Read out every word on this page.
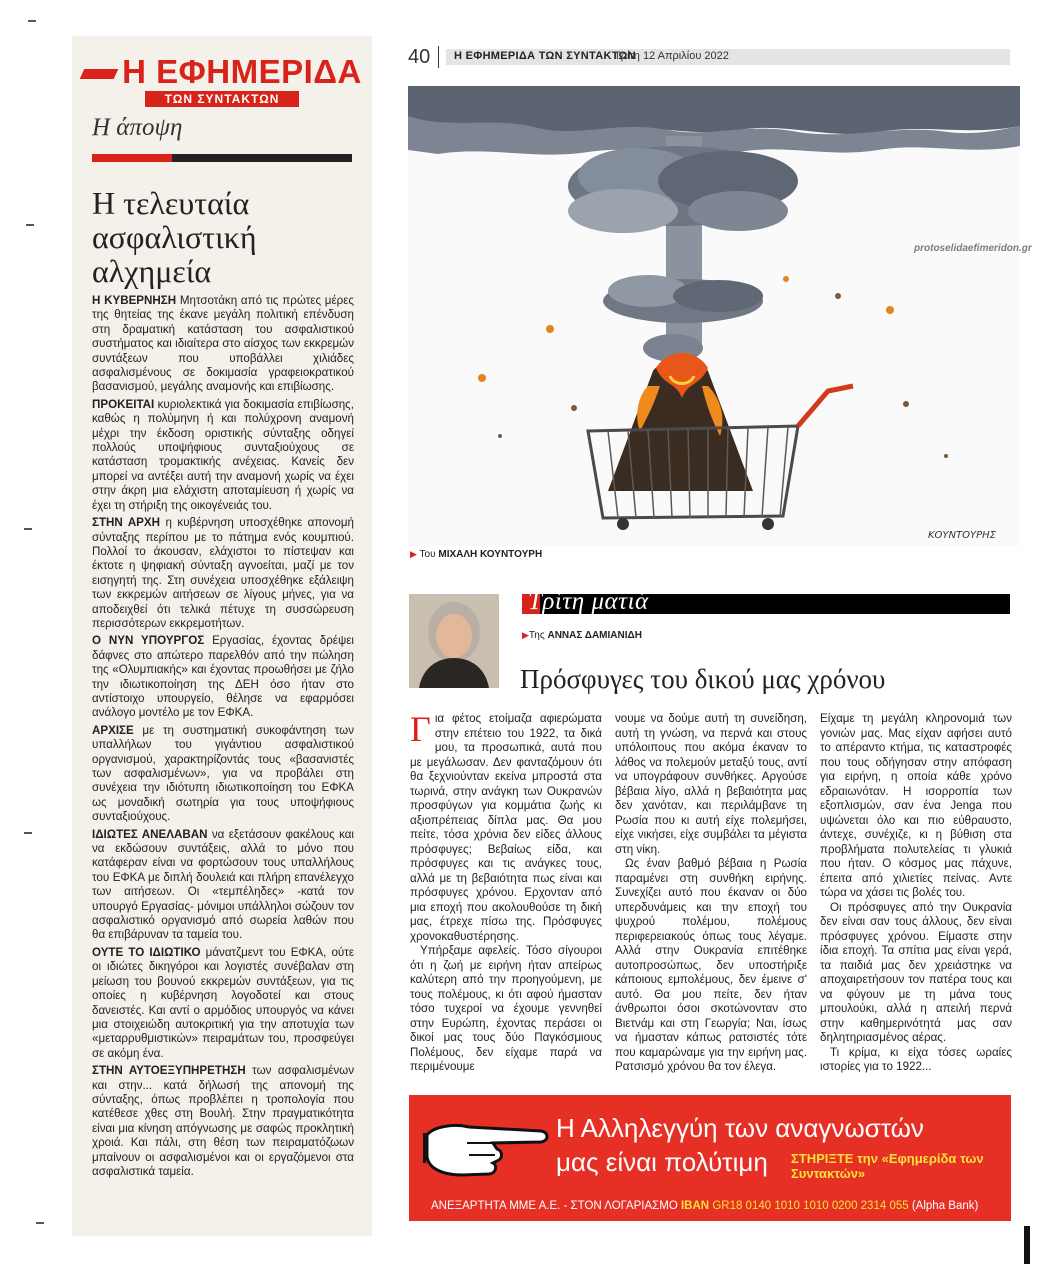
Η ΕΦΗΜΕΡΙΔΑ
ΤΩΝ ΣΥΝΤΑΚΤΩΝ
Η άποψη
Η τελευταία ασφαλιστική αλχημεία

Η ΚΥΒΕΡΝΗΣΗ Μητσοτάκη από τις πρώτες μέρες της θητείας της έκανε μεγάλη πολιτική επένδυση στη δραματική κατάσταση του ασφαλιστικού συστήματος και ιδιαίτερα στο αίσχος των εκκρεμών συντάξεων που υποβάλλει χιλιάδες ασφαλισμένους σε δοκιμασία γραφειοκρατικού βασανισμού, μεγάλης αναμονής και επιβίωσης.

ΠΡΟΚΕΙΤΑΙ κυριολεκτικά για δοκιμασία επιβίωσης, καθώς η πολύμηνη ή και πολύχρονη αναμονή μέχρι την έκδοση οριστικής σύνταξης οδηγεί πολλούς υποψήφιους συνταξιούχους σε κατάσταση τρομακτικής ανέχειας. Κανείς δεν μπορεί να αντέξει αυτή την αναμονή χωρίς να έχει στην άκρη μια ελάχιστη αποταμίευση ή χωρίς να έχει τη στήριξη της οικογένειάς του.

ΣΤΗΝ ΑΡΧΗ η κυβέρνηση υποσχέθηκε απονομή σύνταξης περίπου με το πάτημα ενός κουμπιού. Πολλοί το άκουσαν, ελάχιστοι το πίστεψαν και έκτοτε η ψηφιακή σύνταξη αγνοείται, μαζί με τον εισηγητή της. Στη συνέχεια υποσχέθηκε εξάλειψη των εκκρεμών αιτήσεων σε λίγους μήνες, για να αποδειχθεί ότι τελικά πέτυχε τη συσσώρευση περισσότερων εκκρεμοτήτων.

Ο ΝΥΝ ΥΠΟΥΡΓΟΣ Εργασίας, έχοντας δρέψει δάφνες στο απώτερο παρελθόν από την πώληση της «Ολυμπιακής» και έχοντας προωθήσει με ζήλο την ιδιωτικοποίηση της ΔΕΗ όσο ήταν στο αντίστοιχο υπουργείο, θέλησε να εφαρμόσει ανάλογο μοντέλο με τον ΕΦΚΑ.

ΑΡΧΙΣΕ με τη συστηματική συκοφάντηση των υπαλλήλων του γιγάντιου ασφαλιστικού οργανισμού, χαρακτηρίζοντάς τους «βασανιστές των ασφαλισμένων», για να προβάλει στη συνέχεια την ιδιότυπη ιδιωτικοποίηση του ΕΦΚΑ ως μοναδική σωτηρία για τους υποψήφιους συνταξιούχους.

ΙΔΙΩΤΕΣ ΑΝΕΛΑΒΑΝ να εξετάσουν φακέλους και να εκδώσουν συντάξεις, αλλά το μόνο που κατάφεραν είναι να φορτώσουν τους υπαλλήλους του ΕΦΚΑ με διπλή δουλειά και πλήρη επανέλεγχο των αιτήσεων. Οι «τεμπέληδες» -κατά τον υπουργό Εργασίας- μόνιμοι υπάλληλοι σώζουν τον ασφαλιστικό οργανισμό από σωρεία λαθών που θα επιβάρυναν τα ταμεία του.

ΟΥΤΕ ΤΟ ΙΔΙΩΤΙΚΟ μάνατζμεντ του ΕΦΚΑ, ούτε οι ιδιώτες δικηγόροι και λογιστές συνέβαλαν στη μείωση του βουνού εκκρεμών συντάξεων, για τις οποίες η κυβέρνηση λογοδοτεί και στους δανειστές. Και αντί ο αρμόδιος υπουργός να κάνει μια στοιχειώδη αυτοκριτική για την αποτυχία των «μεταρρυθμιστικών» πειραμάτων του, προσφεύγει σε ακόμη ένα.

ΣΤΗΝ ΑΥΤΟΕΞΥΠΗΡΕΤΗΣΗ των ασφαλισμένων και στην... κατά δήλωσή της απονομή της σύνταξης, όπως προβλέπει η τροπολογία που κατέθεσε χθες στη Βουλή. Στην πραγματικότητα είναι μια κίνηση απόγνωσης με σαφώς προκλητική χροιά. Και πάλι, στη θέση των πειραματόζωων μπαίνουν οι ασφαλισμένοι και οι εργαζόμενοι στα ασφαλιστικά ταμεία.

40 Η ΕΦΗΜΕΡΙΔΑ ΤΩΝ ΣΥΝΤΑΚΤΩΝ
Τρίτη 12 Απριλίου 2022
ΚΟΥΝΤΟΥΡΗΣ
▶ Του ΜΙΧΑΛΗ ΚΟΥΝΤΟΥΡΗ
protoselidaefimeridon.gr
Τρίτη ματιά
▶Της ΑΝΝΑΣ ΔΑΜΙΑΝΙΔΗ
Πρόσφυγες του δικού μας χρόνου

Για φέτος ετοίμαζα αφιερώματα στην επέτειο του 1922, τα δικά μου, τα προσωπικά, αυτά που με μεγάλωσαν. Δεν φανταζόμουν ότι θα ξεχνιούνταν εκείνα μπροστά στα τωρινά, στην ανάγκη των Ουκρανών προσφύγων για κομμάτια ζωής κι αξιοπρέπειας δίπλα μας. Θα μου πείτε, τόσα χρόνια δεν είδες άλλους πρόσφυγες; Βεβαίως είδα, και πρόσφυγες και τις ανάγκες τους, αλλά με τη βεβαιότητα πως είναι και πρόσφυγες χρόνου. Ερχονταν από μια εποχή που ακολουθούσε τη δική μας, έτρεχε πίσω της. Πρόσφυγες χρονοκαθυστέρησης.

Υπήρξαμε αφελείς. Τόσο σίγουροι ότι η ζωή με ειρήνη ήταν απείρως καλύτερη από την προηγούμενη, με τους πολέμους, κι ότι αφού ήμασταν τόσο τυχεροί να έχουμε γεννηθεί στην Ευρώπη, έχοντας περάσει οι δικοί μας τους δύο Παγκόσμιους Πολέμους, δεν είχαμε παρά να περιμένουμε

νουμε να δούμε αυτή τη συνείδηση, αυτή τη γνώση, να περνά και στους υπόλοιπους που ακόμα έκαναν το λάθος να πολεμούν μεταξύ τους, αντί να υπογράφουν συνθήκες. Αργούσε βέβαια λίγο, αλλά η βεβαιότητα μας δεν χανόταν, και περιλάμβανε τη Ρωσία που κι αυτή είχε πολεμήσει, είχε νικήσει, είχε συμβάλει τα μέγιστα στη νίκη.

Ως έναν βαθμό βέβαια η Ρωσία παραμένει στη συνθήκη ειρήνης. Συνεχίζει αυτό που έκαναν οι δύο υπερδυνάμεις και την εποχή του ψυχρού πολέμου, πολέμους περιφερειακούς όπως τους λέγαμε. Αλλά στην Ουκρανία επιτέθηκε αυτοπροσώπως, δεν υποστήριξε κάποιους εμπολέμους, δεν έμεινε σ' αυτό. Θα μου πείτε, δεν ήταν άνθρωποι όσοι σκοτώνονταν στο Βιετνάμ και στη Γεωργία; Ναι, ίσως να ήμασταν κάπως ρατσιστές τότε που καμαρώναμε για την ειρήνη μας. Ρατσισμό χρόνου θα τον έλεγα.

Είχαμε τη μεγάλη κληρονομιά των γονιών μας. Μας είχαν αφήσει αυτό το απέραντο κτήμα, τις καταστροφές που τους οδήγησαν στην απόφαση για ειρήνη, η οποία κάθε χρόνο εδραιωνόταν. Η ισορροπία των εξοπλισμών, σαν ένα Jenga που υψώνεται όλο και πιο εύθραυστο, άντεχε, συνέχιζε, κι η βύθιση στα προβλήματα πολυτελείας τι γλυκιά που ήταν. Ο κόσμος μας πάχυνε, έπειτα από χιλιετίες πείνας. Αντε τώρα να χάσει τις βολές του.

Οι πρόσφυγες από την Ουκρανία δεν είναι σαν τους άλλους, δεν είναι πρόσφυγες χρόνου. Είμαστε στην ίδια εποχή. Τα σπίτια μας είναι γερά, τα παιδιά μας δεν χρειάστηκε να αποχαιρετήσουν τον πατέρα τους και να φύγουν με τη μάνα τους μπουλούκι, αλλά η απειλή περνά στην καθημερινότητά μας σαν δηλητηριασμένος αέρας.

Τι κρίμα, κι είχα τόσες ωραίες ιστορίες για το 1922...

Η Αλληλεγγύη των αναγνωστών
μας είναι πολύτιμη ΣΤΗΡΙΞΤΕ την «Εφημερίδα των Συντακτών»
ΑΝΕΞΑΡΤΗΤΑ ΜΜΕ Α.Ε. - ΣΤΟΝ ΛΟΓΑΡΙΑΣΜΟ IBAN GR18 0140 1010 1010 0200 2314 055 (Alpha Bank)
